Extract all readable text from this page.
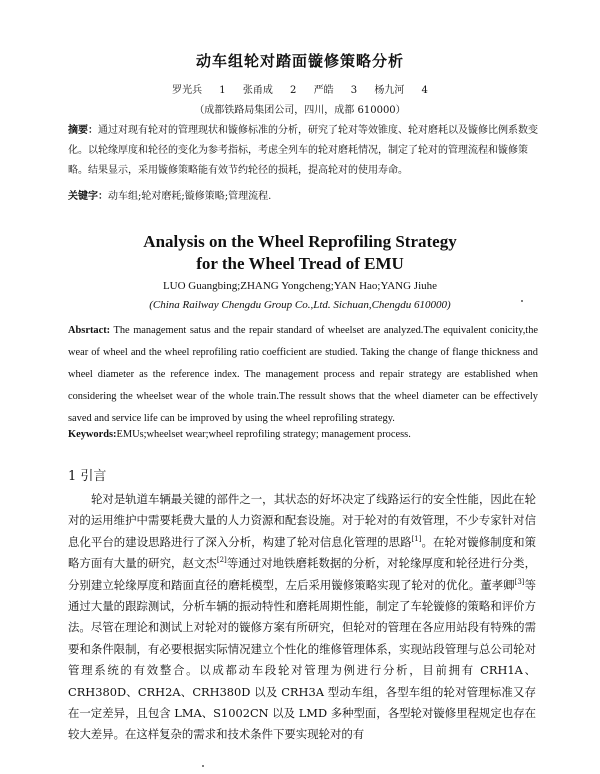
动车组轮对踏面镟修策略分析
罗光兵 1 张甬成 2 严皓 3 杨九河 4
（成都铁路局集团公司，四川，成都 610000）
摘要：通过对现有轮对的管理现状和镟修标准的分析，研究了轮对等效锥度、轮对磨耗以及镟修比例系数变化。以轮缘厚度和轮径的变化为参考指标，考虑全列车的轮对磨耗情况，制定了轮对的管理流程和镟修策略。结果显示，采用镟修策略能有效节约轮径的损耗，提高轮对的使用寿命。
关键字：动车组;轮对磨耗;镟修策略;管理流程.
Analysis on the Wheel Reprofiling Strategy
for the Wheel Tread of EMU
LUO Guangbing;ZHANG Yongcheng;YAN Hao;YANG Jiuhe
(China Railway Chengdu Group Co.,Ltd. Sichuan,Chengdu 610000)
Absrtact: The management satus and the repair standard of wheelset are analyzed.The equivalent conicity,the wear of wheel and the wheel reprofiling ratio coefficient are studied. Taking the change of flange thickness and wheel diameter as the reference index. The management process and repair strategy are established when considering the wheelset wear of the whole train.The ressult shows that the wheel diameter can be effectively saved and service life can be improved by using the wheel reprofiling strategy.
Keywords:EMUs;wheelset wear;wheel reprofiling strategy; management process.
1 引言
轮对是轨道车辆最关键的部件之一，其状态的好坏决定了线路运行的安全性能，因此在轮对的运用维护中需要耗费大量的人力资源和配套设施。对于轮对的有效管理，不少专家针对信息化平台的建设思路进行了深入分析，构建了轮对信息化管理的思路[1]。在轮对镟修制度和策略方面有大量的研究，赵文杰[2]等通过对地铁磨耗数据的分析，对轮缘厚度和轮径进行分类，分别建立轮缘厚度和踏面直径的磨耗模型，左后采用镟修策略实现了轮对的优化。董孝卿[3]等通过大量的跟踪测试，分析车辆的振动特性和磨耗周期性能，制定了车轮镟修的策略和评价方法。尽管在理论和测试上对轮对的镟修方案有所研究，但轮对的管理在各应用站段有特殊的需要和条件限制，有必要根据实际情况建立个性化的维修管理体系，实现站段管理与总公司轮对管理系统的有效整合。以成都动车段轮对管理为例进行分析，目前拥有 CRH1A、CRH380D、CRH2A、CRH380D 以及 CRH3A 型动车组，各型车组的轮对管理标准又存在一定差异，且包含 LMA、S1002CN 以及 LMD 多种型面，各型轮对镟修里程规定也存在较大差异。在这样复杂的需求和技术条件下要实现轮对的有
